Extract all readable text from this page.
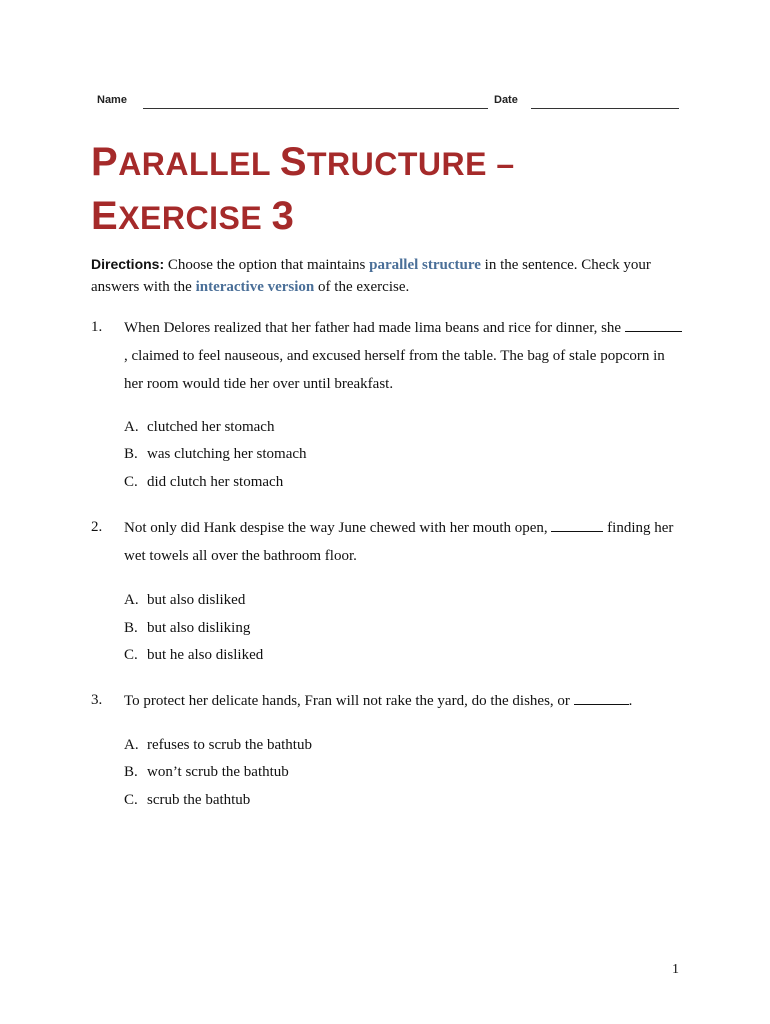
Name	Date
PARALLEL STRUCTURE –
EXERCISE 3
Directions: Choose the option that maintains parallel structure in the sentence. Check your answers with the interactive version of the exercise.
1. When Delores realized that her father had made lima beans and rice for dinner, she , claimed to feel nauseous, and excused herself from the table. The bag of stale popcorn in her room would tide her over until breakfast.
A. clutched her stomach
B. was clutching her stomach
C. did clutch her stomach
2. Not only did Hank despise the way June chewed with her mouth open,	finding her wet towels all over the bathroom floor.
A. but also disliked
B. but also disliking
C. but he also disliked
3. To protect her delicate hands, Fran will not rake the yard, do the dishes, or	.
A. refuses to scrub the bathtub
B. won’t scrub the bathtub
C. scrub the bathtub
1
